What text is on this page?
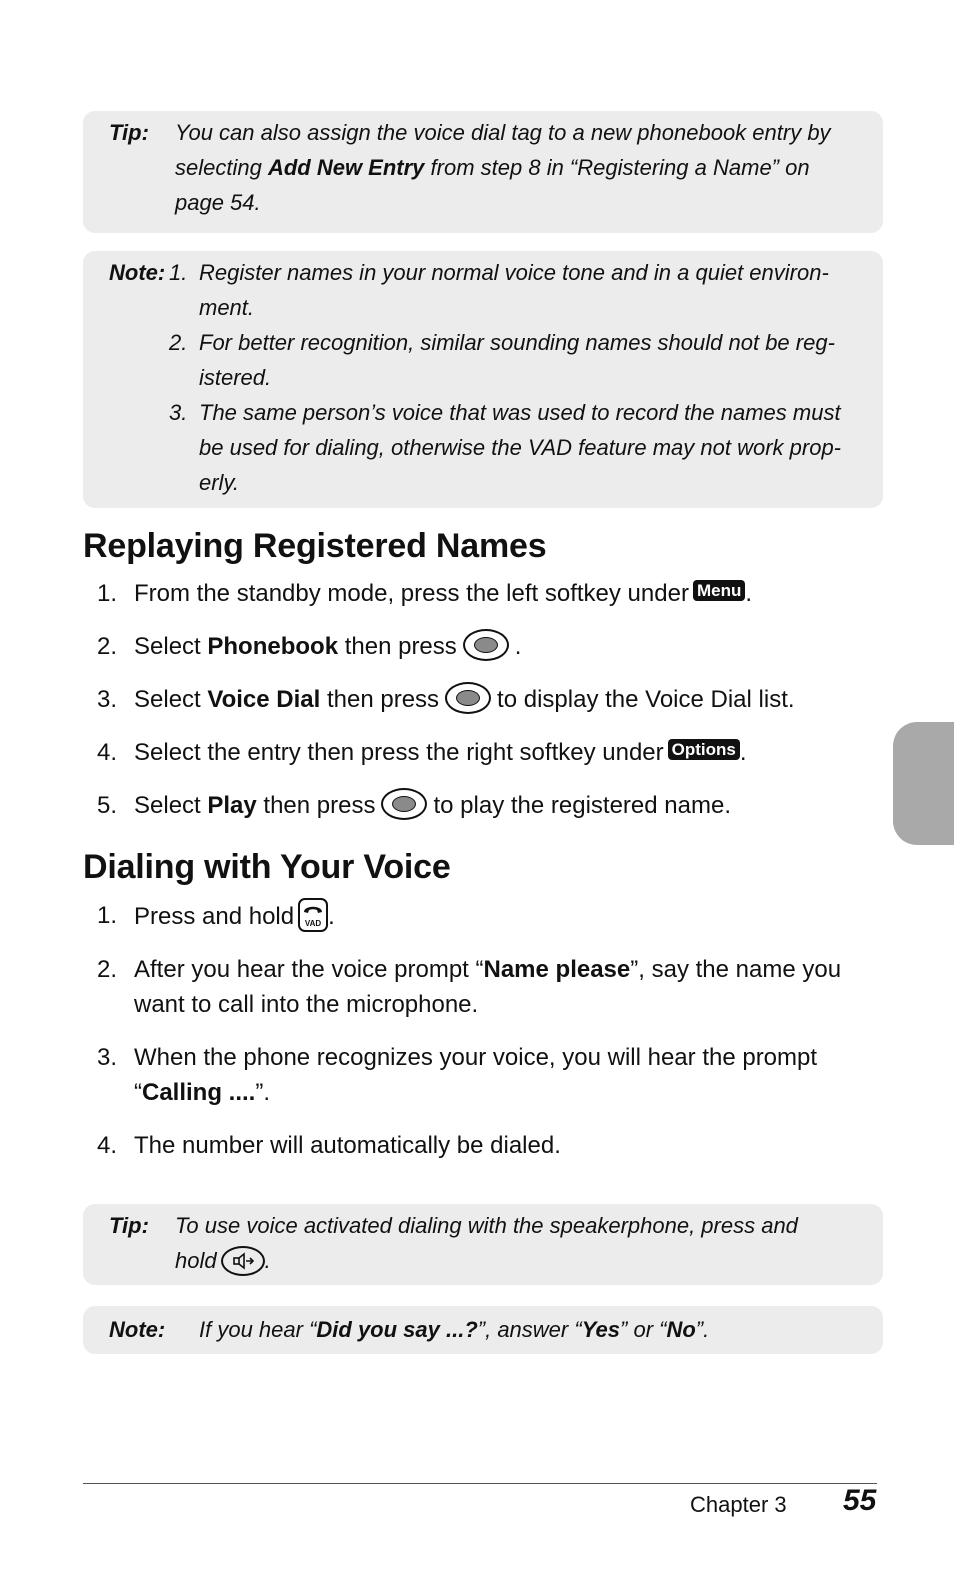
Tip: You can also assign the voice dial tag to a new phonebook entry by
selecting Add New Entry from step 8 in “Registering a Name” on
page 54.
Note: 1. Register names in your normal voice tone and in a quiet environ-
ment.
2. For better recognition, similar sounding names should not be reg-
istered.
3. The same person’s voice that was used to record the names must
be used for dialing, otherwise the VAD feature may not work prop-
erly.
Replaying Registered Names
1. From the standby mode, press the left softkey under Menu .
2. Select Phonebook then press .
3. Select Voice Dial then press to display the Voice Dial list.
4. Select the entry then press the right softkey under Options .
5. Select Play then press to play the registered name.
Dialing with Your Voice
1. Press and hold VAD .
2. After you hear the voice prompt “Name please”, say the name you want to call into the microphone.
3. When the phone recognizes your voice, you will hear the prompt “Calling ....”.
4. The number will automatically be dialed.
Tip: To use voice activated dialing with the speakerphone, press and
hold .
Note: If you hear “Did you say ...?”, answer “Yes” or “No”.
Chapter 3 55
